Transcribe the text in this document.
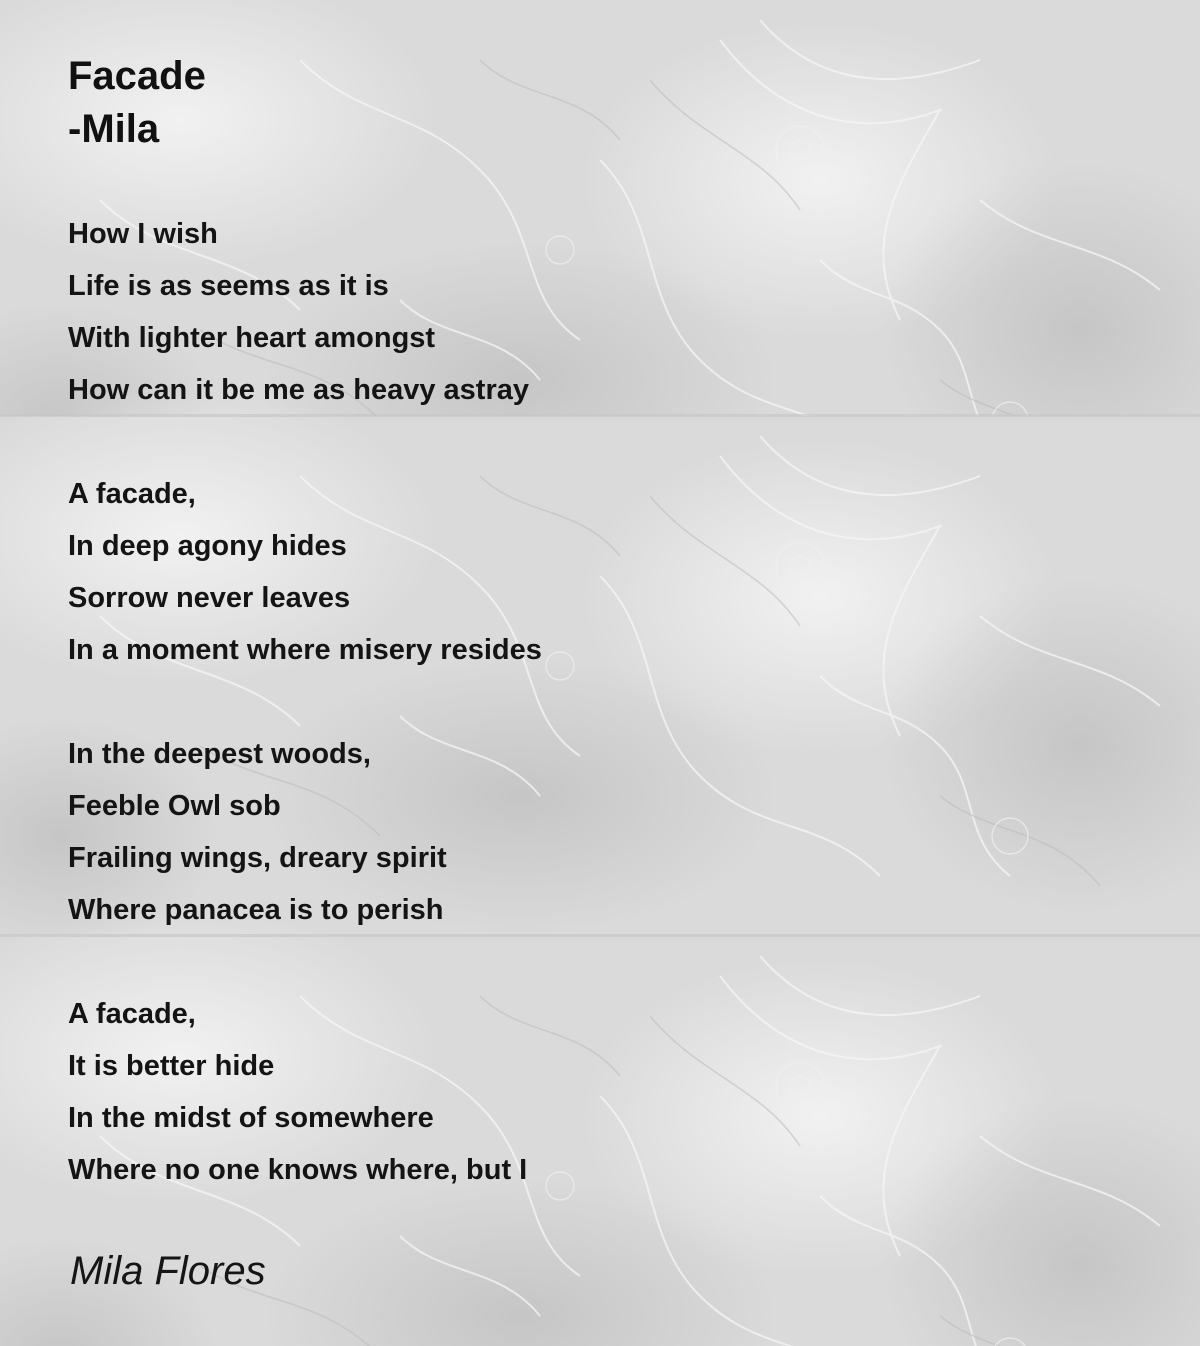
Facade
-Mila
How I wish
Life is as seems as it is
With lighter heart amongst
How can it be me as heavy astray
A facade,
In deep agony hides
Sorrow never leaves
In a moment where misery resides
In the deepest woods,
Feeble Owl sob
Frailing wings, dreary spirit
Where panacea is to perish
A facade,
It is better hide
In the midst of somewhere
Where no one knows where, but I
Mila Flores
